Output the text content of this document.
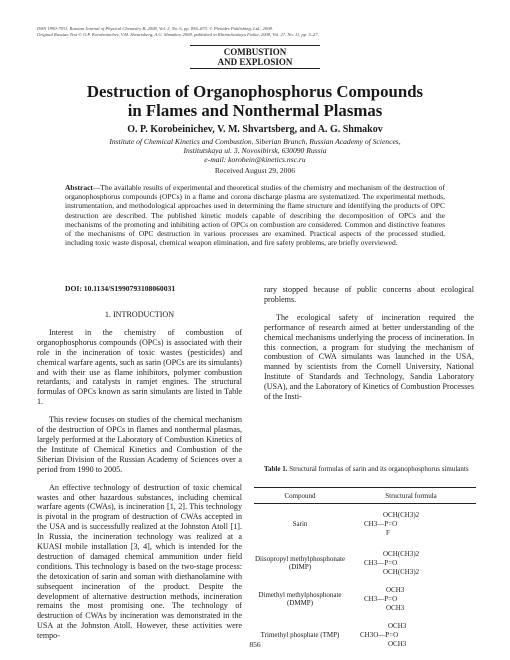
ISSN 1990-7931, Russian Journal of Physical Chemistry B, 2008, Vol. 2, No. 6, pp. 856–875. © Pleiades Publishing, Ltd., 2008.
Original Russian Text © O.P. Korobeinichev, V.M. Shvartsberg, A.G. Shmakov, 2008, published in Khimicheskaya Fizika, 2008, Vol. 27, No. 11, pp. 5–27.
COMBUSTION
AND EXPLOSION
Destruction of Organophosphorus Compounds
in Flames and Nonthermal Plasmas
O. P. Korobeinichev, V. M. Shvartsberg, and A. G. Shmakov
Institute of Chemical Kinetics and Combustion, Siberian Branch, Russian Academy of Sciences,
Institutskaya ul. 3, Novosibirsk, 630090 Russia
e-mail: korobein@kinetics.nsc.ru
Received August 29, 2006
Abstract—The available results of experimental and theoretical studies of the chemistry and mechanism of the destruction of organophosphorus compounds (OPCs) in a flame and corona discharge plasma are systematized. The experimental methods, instrumentation, and methodological approaches used in determining the flame structure and identifying the products of OPC destruction are described. The published kinetic models capable of describing the decomposition of OPCs and the mechanisms of the promoting and inhibiting action of OPCs on combustion are considered. Common and distinctive features of the mechanisms of OPC destruction in various processes are examined. Practical aspects of the processed studied, including toxic waste disposal, chemical weapon elimination, and fire safety problems, are briefly overviewed.
DOI: 10.1134/S1990793108060031
1. INTRODUCTION

Interest in the chemistry of combustion of organophosphorus compounds (OPCs) is associated with their role in the incineration of toxic wastes (pesticides) and chemical warfare agents, such as sarin (OPCs are its simulants) and with their use as flame inhibitors, polymer combustion retardants, and catalysts in ramjet engines. The structural formulas of OPCs known as sarin simulants are listed in Table 1.

This review focuses on studies of the chemical mechanism of the destruction of OPCs in flames and nonthermal plasmas, largely performed at the Laboratory of Combustion Kinetics of the Institute of Chemical Kinetics and Combustion of the Siberian Division of the Russian Academy of Sciences over a period from 1990 to 2005.

An effective technology of destruction of toxic chemical wastes and other hazardous substances, including chemical warfare agents (CWAs), is incineration [1, 2]. This technology is pivotal in the program of destruction of CWAs accepted in the USA and is successfully realized at the Johnston Atoll [1]. In Russia, the incineration technology was realized at a KUASI mobile installation [3, 4], which is intended for the destruction of damaged chemical ammunition under field conditions. This technology is based on the two-stage process: the detoxication of sarin and soman with diethanolamine with subsequent incineration of the product. Despite the development of alternative destruction methods, incineration remains the most promising one. The technology of destruction of CWAs by incineration was demonstrated in the USA at the Johnston Atoll. However, these activities were tempo-

rary stopped because of public concerns about ecological problems.

The ecological safety of incineration required the performance of research aimed at better understanding of the chemical mechanisms underlying the process of incineration. In this connection, a program for studying the mechanism of combustion of CWA simulants was launched in the USA, manned by scientists from the Cornell University, National Institute of Standards and Technology, Sandia Laboratory (USA), and the Laboratory of Kinetics of Combustion Processes of the Insti-

Table 1. Structural formulas of sarin and its organophosphorus simulants
Compound	Structural formula
Sarin
OCH(CH3)2
CH3—P=O
F
Diisopropyl methylphosphonate (DIMP)
OCH(CH3)2
CH3—P=O
OCH(CH3)2
Dimethyl methylphosphonate (DMMP)
OCH3
CH3—P=O
OCH3
Trimethyl phosphate (TMP)
OCH3
CH3O—P=O
OCH3
856
